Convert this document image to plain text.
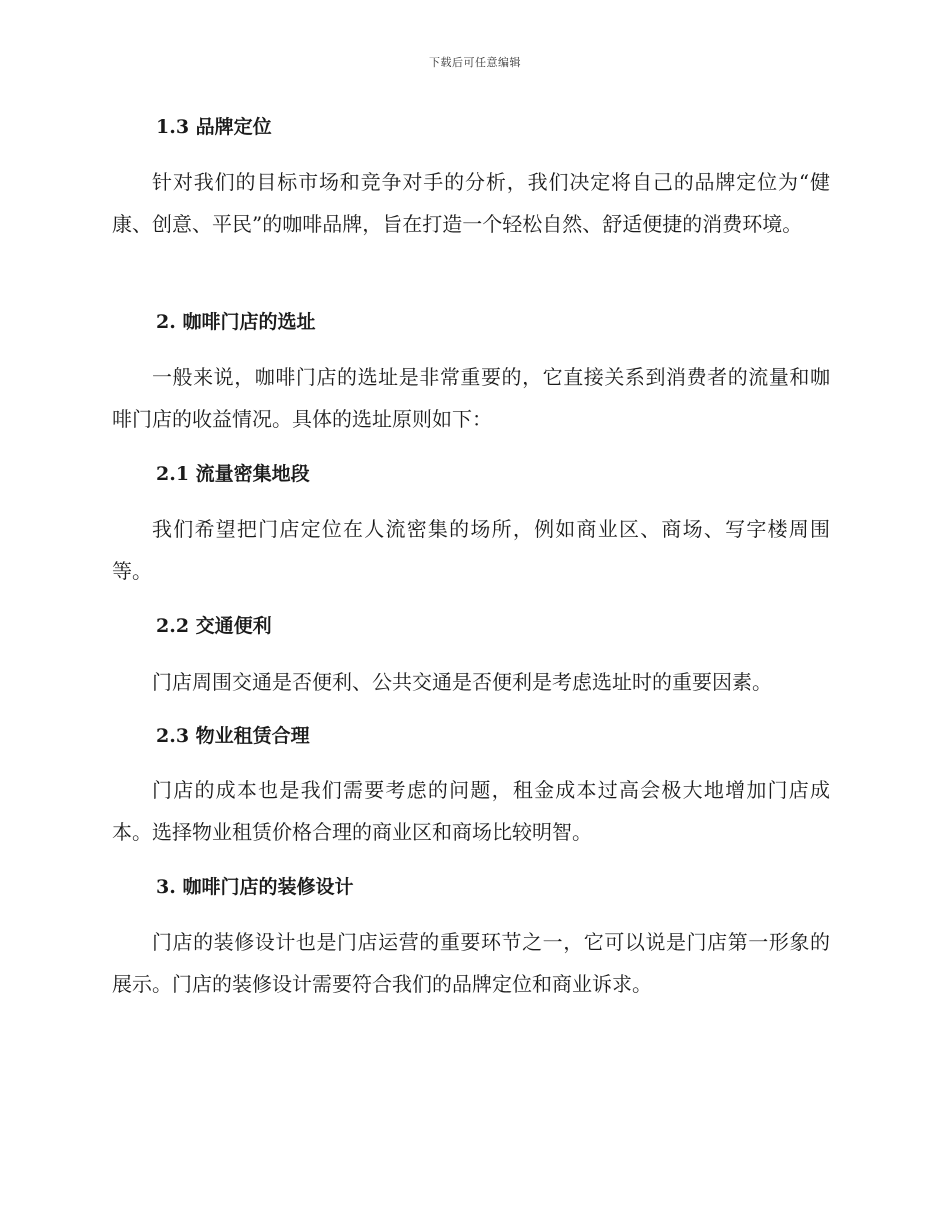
下载后可任意编辑
1.3 品牌定位
针对我们的目标市场和竞争对手的分析，我们决定将自己的品牌定位为“健康、创意、平民”的咖啡品牌，旨在打造一个轻松自然、舒适便捷的消费环境。
2. 咖啡门店的选址
一般来说，咖啡门店的选址是非常重要的，它直接关系到消费者的流量和咖啡门店的收益情况。具体的选址原则如下：
2.1 流量密集地段
我们希望把门店定位在人流密集的场所，例如商业区、商场、写字楼周围等。
2.2 交通便利
门店周围交通是否便利、公共交通是否便利是考虑选址时的重要因素。
2.3 物业租赁合理
门店的成本也是我们需要考虑的问题，租金成本过高会极大地增加门店成本。选择物业租赁价格合理的商业区和商场比较明智。
3. 咖啡门店的装修设计
门店的装修设计也是门店运营的重要环节之一，它可以说是门店第一形象的展示。门店的装修设计需要符合我们的品牌定位和商业诉求。
